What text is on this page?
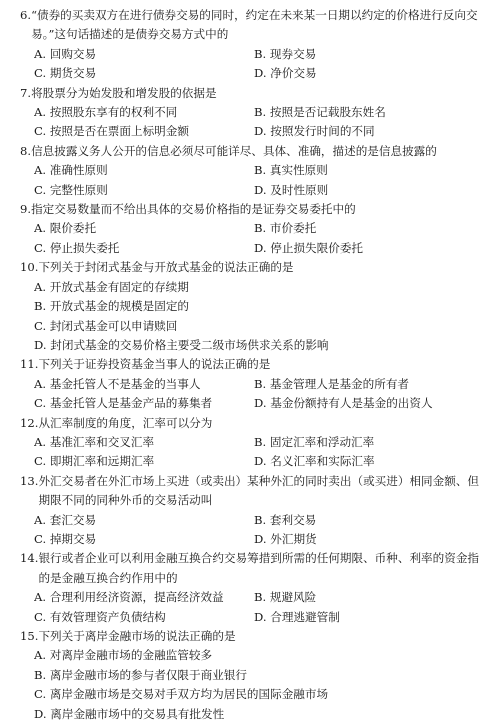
6. “债券的买卖双方在进行债券交易的同时，约定在未来某一日期以约定的价格进行反向交易。”这句话描述的是债券交易方式中的
A. 回购交易	B. 现券交易
C. 期货交易	D. 净价交易
7. 将股票分为始发股和增发股的依据是
A. 按照股东享有的权利不同	B. 按照是否记载股东姓名
C. 按照是否在票面上标明金额	D. 按照发行时间的不同
8. 信息披露义务人公开的信息必须尽可能详尽、具体、准确，描述的是信息披露的
A. 准确性原则	B. 真实性原则
C. 完整性原则	D. 及时性原则
9. 指定交易数量而不给出具体的交易价格指的是证券交易委托中的
A. 限价委托	B. 市价委托
C. 停止损失委托	D. 停止损失限价委托
10. 下列关于封闭式基金与开放式基金的说法正确的是
A. 开放式基金有固定的存续期
B. 开放式基金的规模是固定的
C. 封闭式基金可以申请赎回
D. 封闭式基金的交易价格主要受二级市场供求关系的影响
11. 下列关于证券投资基金当事人的说法正确的是
A. 基金托管人不是基金的当事人	B. 基金管理人是基金的所有者
C. 基金托管人是基金产品的募集者	D. 基金份额持有人是基金的出资人
12. 从汇率制度的角度，汇率可以分为
A. 基准汇率和交叉汇率	B. 固定汇率和浮动汇率
C. 即期汇率和远期汇率	D. 名义汇率和实际汇率
13. 外汇交易者在外汇市场上买进（或卖出）某种外汇的同时卖出（或买进）相同金额、但期限不同的同种外币的交易活动叫
A. 套汇交易	B. 套利交易
C. 掉期交易	D. 外汇期货
14. 银行或者企业可以利用金融互换合约交易筹措到所需的任何期限、币种、利率的资金指的是金融互换合约作用中的
A. 合理利用经济资源，提高经济效益	B. 规避风险
C. 有效管理资产负债结构	D. 合理逃避管制
15. 下列关于离岸金融市场的说法正确的是
A. 对离岸金融市场的金融监管较多
B. 离岸金融市场的参与者仅限于商业银行
C. 离岸金融市场是交易对手双方均为居民的国际金融市场
D. 离岸金融市场中的交易具有批发性
